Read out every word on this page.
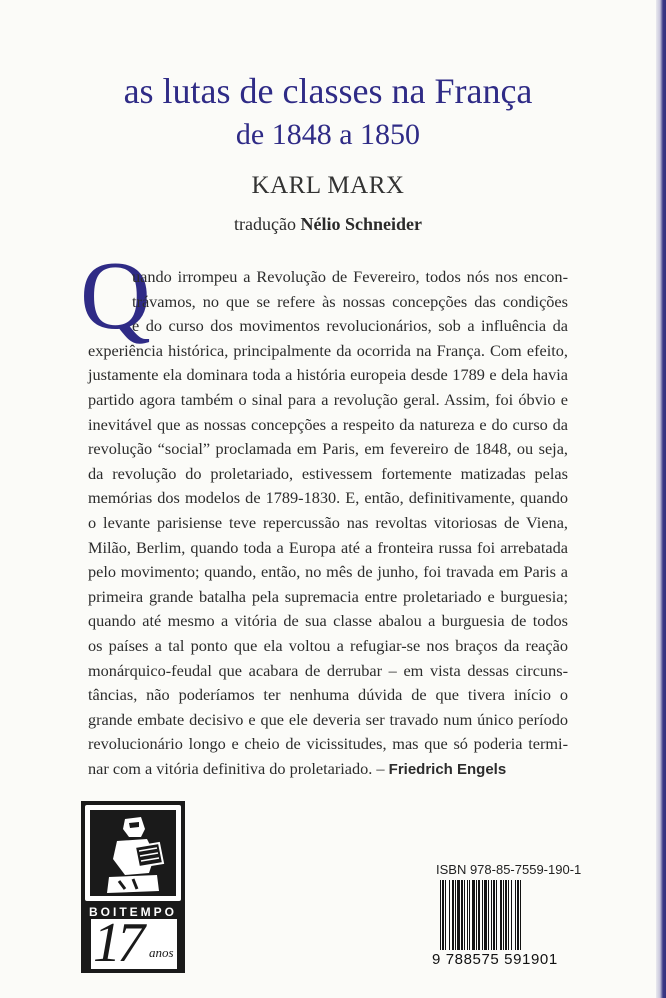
as lutas de classes na França
de 1848 a 1850
KARL MARX
tradução Nélio Schneider
Q
uando irrompeu a Revolução de Fevereiro, todos nós nos encon-
trávamos, no que se refere às nossas concepções das condições
e do curso dos movimentos revolucionários, sob a influência da
experiência histórica, principalmente da ocorrida na França. Com efeito,
justamente ela dominara toda a história europeia desde 1789 e dela havia
partido agora também o sinal para a revolução geral. Assim, foi óbvio e
inevitável que as nossas concepções a respeito da natureza e do curso da
revolução “social” proclamada em Paris, em fevereiro de 1848, ou seja,
da revolução do proletariado, estivessem fortemente matizadas pelas
memórias dos modelos de 1789-1830. E, então, definitivamente, quando
o levante parisiense teve repercussão nas revoltas vitoriosas de Viena,
Milão, Berlim, quando toda a Europa até a fronteira russa foi arrebatada
pelo movimento; quando, então, no mês de junho, foi travada em Paris a
primeira grande batalha pela supremacia entre proletariado e burguesia;
quando até mesmo a vitória de sua classe abalou a burguesia de todos
os países a tal ponto que ela voltou a refugiar-se nos braços da reação
monárquico-feudal que acabara de derrubar – em vista dessas circuns-
tâncias, não poderíamos ter nenhuma dúvida de que tivera início o
grande embate decisivo e que ele deveria ser travado num único período
revolucionário longo e cheio de vicissitudes, mas que só poderia termi-
nar com a vitória definitiva do proletariado. – Friedrich Engels
BOITEMPO
17 anos
ISBN 978-85-7559-190-1
9 788575 591901
